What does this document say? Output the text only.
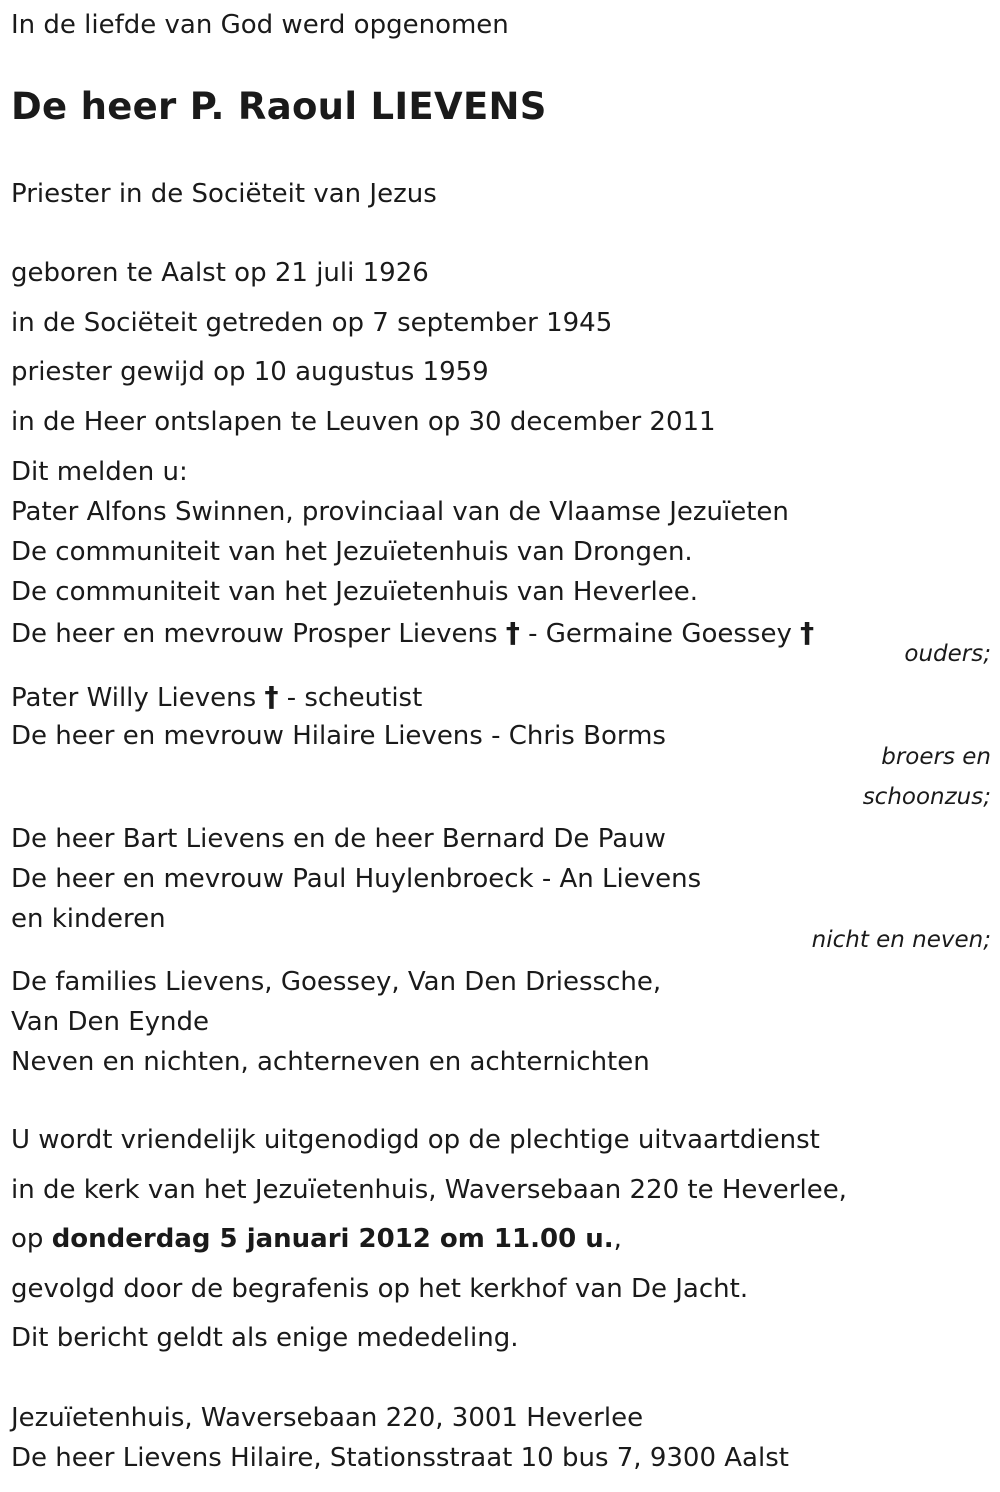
In de liefde van God werd opgenomen
De heer P. Raoul LIEVENS
Priester in de Sociëteit van Jezus
geboren te Aalst op 21 juli 1926
in de Sociëteit getreden op 7 september 1945
priester gewijd op 10 augustus 1959
in de Heer ontslapen te Leuven op 30 december 2011
Dit melden u:
Pater Alfons Swinnen, provinciaal van de Vlaamse Jezuïeten
De communiteit van het Jezuïetenhuis van Drongen.
De communiteit van het Jezuïetenhuis van Heverlee.
De heer en mevrouw Prosper Lievens † - Germaine Goessey †
ouders;
Pater Willy Lievens † - scheutist
De heer en mevrouw Hilaire Lievens - Chris Borms
broers en
schoonzus;
De heer Bart Lievens en de heer Bernard De Pauw
De heer en mevrouw Paul Huylenbroeck - An Lievens
en kinderen
nicht en neven;
De families Lievens, Goessey, Van Den Driessche,
Van Den Eynde
Neven en nichten, achterneven en achternichten
U wordt vriendelijk uitgenodigd op de plechtige uitvaartdienst
in de kerk van het Jezuïetenhuis, Waversebaan 220 te Heverlee,
op donderdag 5 januari 2012 om 11.00 u.,
gevolgd door de begrafenis op het kerkhof van De Jacht.
Dit bericht geldt als enige mededeling.
Jezuïetenhuis, Waversebaan 220, 3001 Heverlee
De heer Lievens Hilaire, Stationsstraat 10 bus 7, 9300 Aalst
